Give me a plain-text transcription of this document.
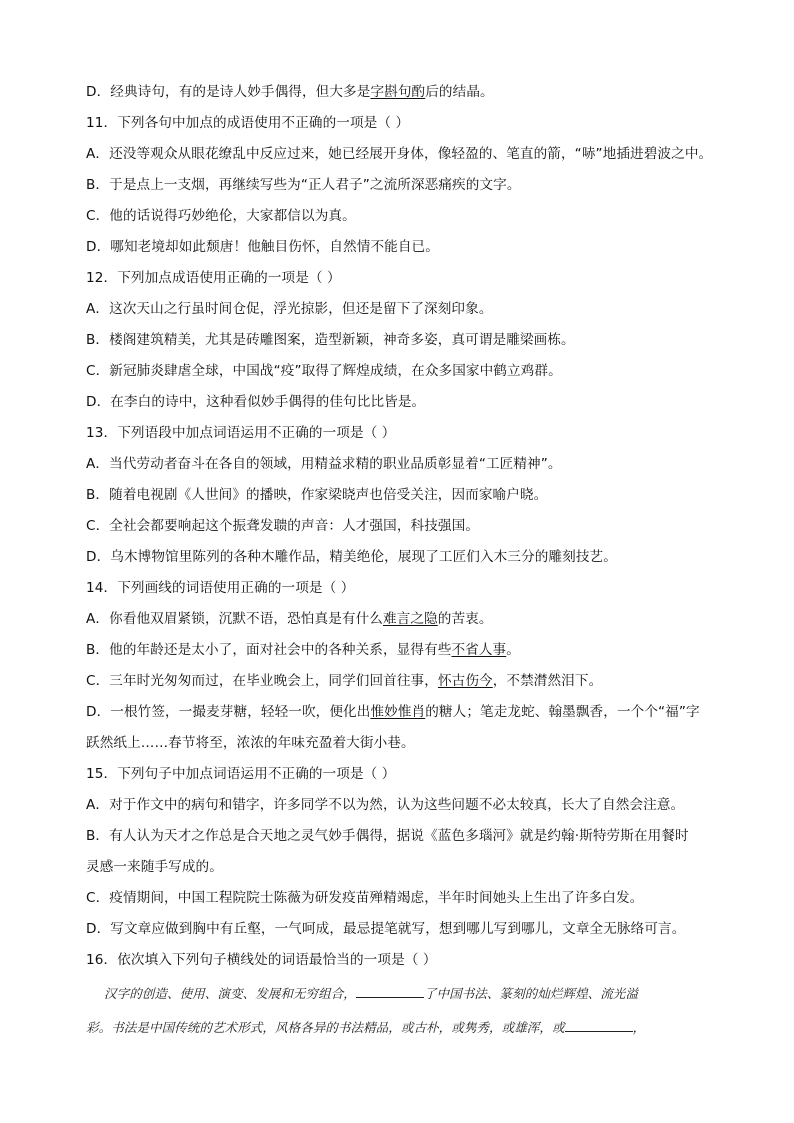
D．经典诗句，有的是诗人妙手偶得，但大多是字斟句酌后的结晶。
11．下列各句中加点的成语使用不正确的一项是（ ）
A．还没等观众从眼花缭乱中反应过来，她已经展开身体，像轻盈的、笔直的箭，“哧”地插进碧波之中。
B．于是点上一支烟，再继续写些为“正人君子”之流所深恶痛疾的文字。
C．他的话说得巧妙绝伦，大家都信以为真。
D．哪知老境却如此颓唐！他触目伤怀，自然情不能自已。
12．下列加点成语使用正确的一项是（ ）
A．这次天山之行虽时间仓促，浮光掠影，但还是留下了深刻印象。
B．楼阁建筑精美，尤其是砖雕图案，造型新颖，神奇多姿，真可谓是雕梁画栋。
C．新冠肺炎肆虐全球，中国战“疫”取得了辉煌成绩，在众多国家中鹤立鸡群。
D．在李白的诗中，这种看似妙手偶得的佳句比比皆是。
13．下列语段中加点词语运用不正确的一项是（ ）
A．当代劳动者奋斗在各自的领域，用精益求精的职业品质彰显着“工匠精神”。
B．随着电视剧《人世间》的播映，作家梁晓声也倍受关注，因而家喻户晓。
C．全社会都要响起这个振聋发聩的声音：人才强国，科技强国。
D．乌木博物馆里陈列的各种木雕作品，精美绝伦，展现了工匠们入木三分的雕刻技艺。
14．下列画线的词语使用正确的一项是（ ）
A．你看他双眉紧锁，沉默不语，恐怕真是有什么难言之隐的苦衷。
B．他的年龄还是太小了，面对社会中的各种关系，显得有些不省人事。
C．三年时光匆匆而过，在毕业晚会上，同学们回首往事，怀古伤今，不禁潸然泪下。
D．一根竹签，一撮麦芽糖，轻轻一吹，便化出惟妙惟肖的糖人；笔走龙蛇、翰墨飘香，一个个“福”字
跃然纸上……春节将至，浓浓的年味充盈着大街小巷。
15．下列句子中加点词语运用不正确的一项是（ ）
A．对于作文中的病句和错字，许多同学不以为然，认为这些问题不必太较真，长大了自然会注意。
B．有人认为天才之作总是合天地之灵气妙手偶得，据说《蓝色多瑙河》就是约翰·斯特劳斯在用餐时
灵感一来随手写成的。
C．疫情期间，中国工程院院士陈薇为研发疫苗殚精竭虑，半年时间她头上生出了许多白发。
D．写文章应做到胸中有丘壑，一气呵成，最忌提笔就写，想到哪儿写到哪儿，文章全无脉络可言。
16．依次填入下列句子横线处的词语最恰当的一项是（ ）
汉字的创造、使用、演变、发展和无穷组合，	了中国书法、篆刻的灿烂辉煌、流光溢
彩。书法是中国传统的艺术形式，风格各异的书法精品，或古朴，或隽秀，或雄浑，或	，
